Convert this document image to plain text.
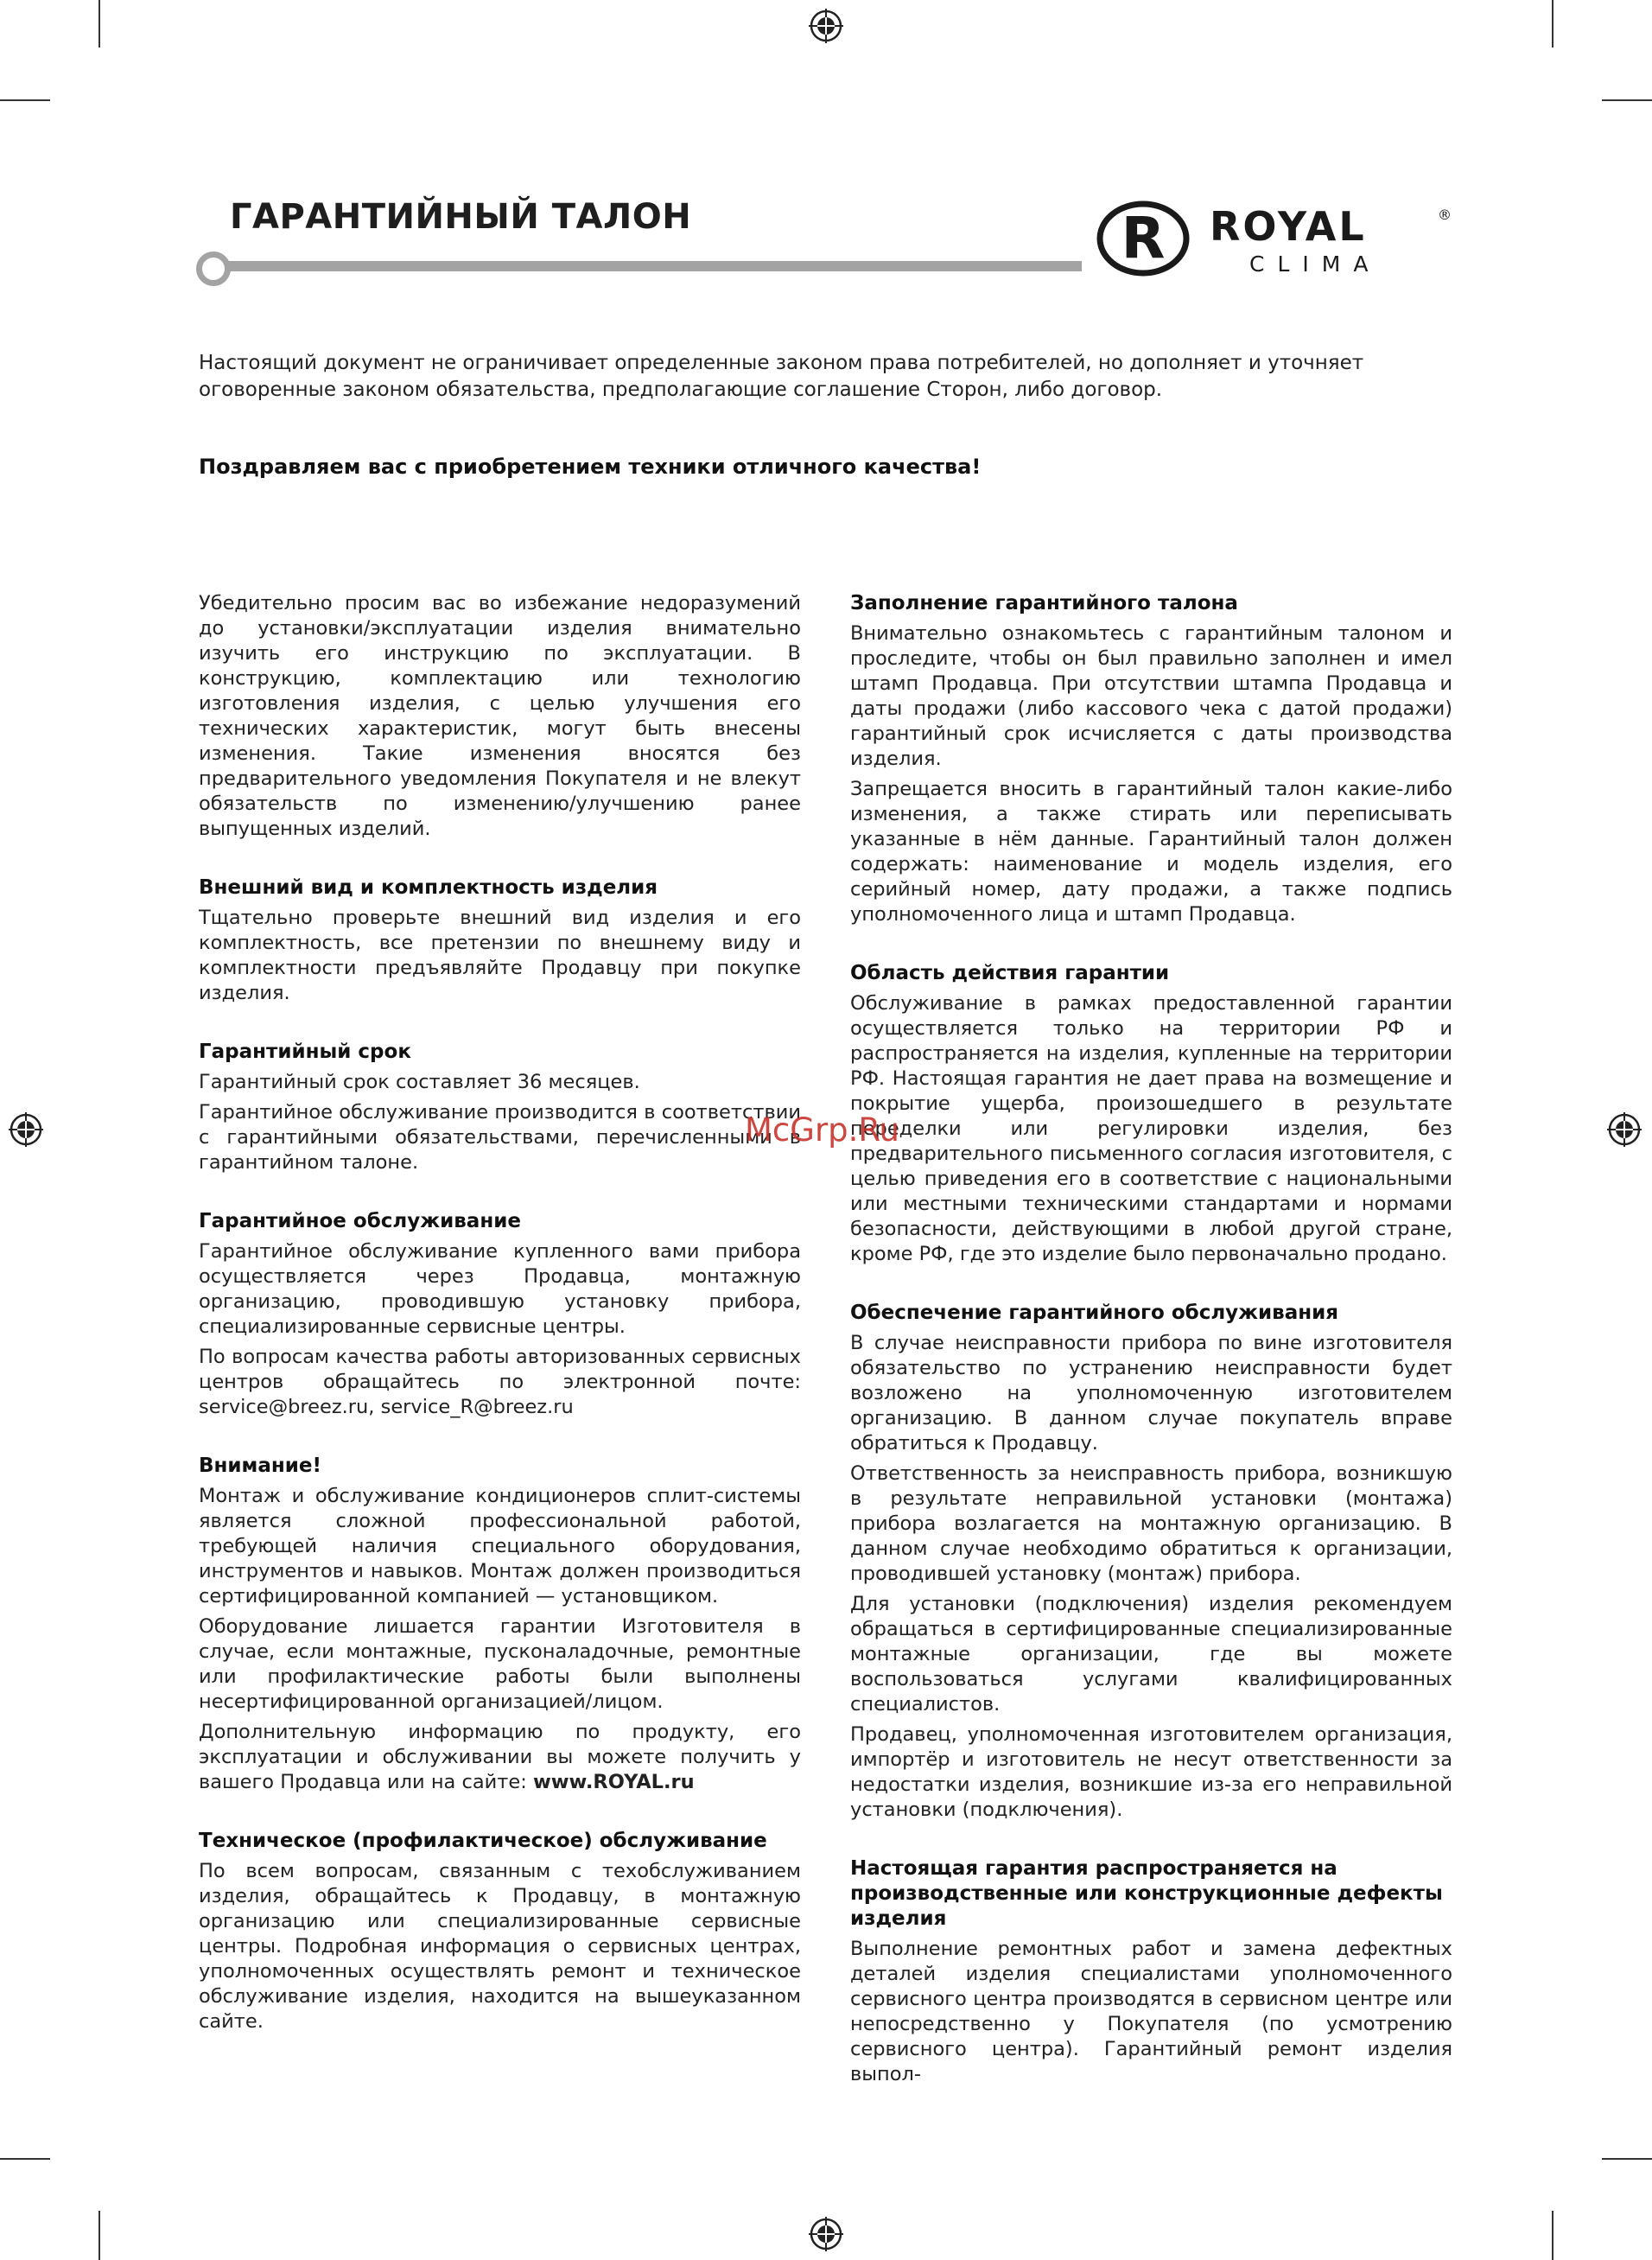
ГАРАНТИЙНЫЙ ТАЛОН	R ROYAL	®
CLIMA
Настоящий документ не ограничивает определенные законом права потребителей, но дополняет и уточняет оговоренные законом обязательства, предполагающие соглашение Сторон, либо договор.
Поздравляем вас с приобретением техники отличного качества!

Убедительно просим вас во избежание недоразумений до установки/эксплуатации изделия внимательно изучить его инструкцию по эксплуатации. В конструкцию, комплектацию или технологию изготовления изделия, с целью улучшения его технических характеристик, могут быть внесены изменения. Такие изменения вносятся без предварительного уведомления Покупателя и не влекут обязательств по изменению/улучшению ранее выпущенных изделий.

Внешний вид и комплектность изделия

Тщательно проверьте внешний вид изделия и его комплектность, все претензии по внешнему виду и комплектности предъявляйте Продавцу при покупке изделия.

Гарантийный срок

Гарантийный срок составляет 36 месяцев.

Гарантийное обслуживание производится в соответствии с гарантийными обязательствами, перечисленными в гарантийном талоне.

Гарантийное обслуживание

Гарантийное обслуживание купленного вами прибора осуществляется через Продавца, монтажную организацию, проводившую установку прибора, специализированные сервисные центры.

По вопросам качества работы авторизованных сервисных центров обращайтесь по электронной почте: service@breez.ru, service_R@breez.ru

Внимание!

Монтаж и обслуживание кондиционеров сплит-системы является сложной профессиональной работой, требующей наличия специального оборудования, инструментов и навыков. Монтаж должен производиться сертифицированной компанией — установщиком.

Оборудование лишается гарантии Изготовителя в случае, если монтажные, пусконаладочные, ремонтные или профилактические работы были выполнены несертифицированной организацией/лицом.

Дополнительную информацию по продукту, его эксплуатации и обслуживании вы можете получить у вашего Продавца или на сайте: www.ROYAL.ru

Техническое (профилактическое) обслуживание

По всем вопросам, связанным с техобслуживанием изделия, обращайтесь к Продавцу, в монтажную организацию или специализированные сервисные центры. Подробная информация о сервисных центрах, уполномоченных осуществлять ремонт и техническое обслуживание изделия, находится на вышеуказанном сайте.

Заполнение гарантийного талона

Внимательно ознакомьтесь с гарантийным талоном и проследите, чтобы он был правильно заполнен и имел штамп Продавца. При отсутствии штампа Продавца и даты продажи (либо кассового чека с датой продажи) гарантийный срок исчисляется с даты производства изделия.

Запрещается вносить в гарантийный талон какие-либо изменения, а также стирать или переписывать указанные в нём данные. Гарантийный талон должен содержать: наименование и модель изделия, его серийный номер, дату продажи, а также подпись уполномоченного лица и штамп Продавца.

Область действия гарантии

Обслуживание в рамках предоставленной гарантии осуществляется только на территории РФ и распространяется на изделия, купленные на территории РФ. Настоящая гарантия не дает права на возмещение и покрытие ущерба, произошедшего в результате переделки или регулировки изделия, без предварительного письменного согласия изготовителя, с целью приведения его в соответствие с национальными или местными техническими стандартами и нормами безопасности, действующими в любой другой стране, кроме РФ, где это изделие было первоначально продано.

Обеспечение гарантийного обслуживания

В случае неисправности прибора по вине изготовителя обязательство по устранению неисправности будет возложено на уполномоченную изготовителем организацию. В данном случае покупатель вправе обратиться к Продавцу.

Ответственность за неисправность прибора, возникшую в результате неправильной установки (монтажа) прибора возлагается на монтажную организацию. В данном случае необходимо обратиться к организации, проводившей установку (монтаж) прибора.

Для установки (подключения) изделия рекомендуем обращаться в сертифицированные специализированные монтажные организации, где вы можете воспользоваться услугами квалифицированных специалистов.

Продавец, уполномоченная изготовителем организация, импортёр и изготовитель не несут ответственности за недостатки изделия, возникшие из-за его неправильной установки (подключения).

Настоящая гарантия распространяется на производственные или конструкционные дефекты изделия

Выполнение ремонтных работ и замена дефектных деталей изделия специалистами уполномоченного сервисного центра производятся в сервисном центре или непосредственно у Покупателя (по усмотрению сервисного центра). Гарантийный ремонт изделия выпол-

McGrp.Ru
